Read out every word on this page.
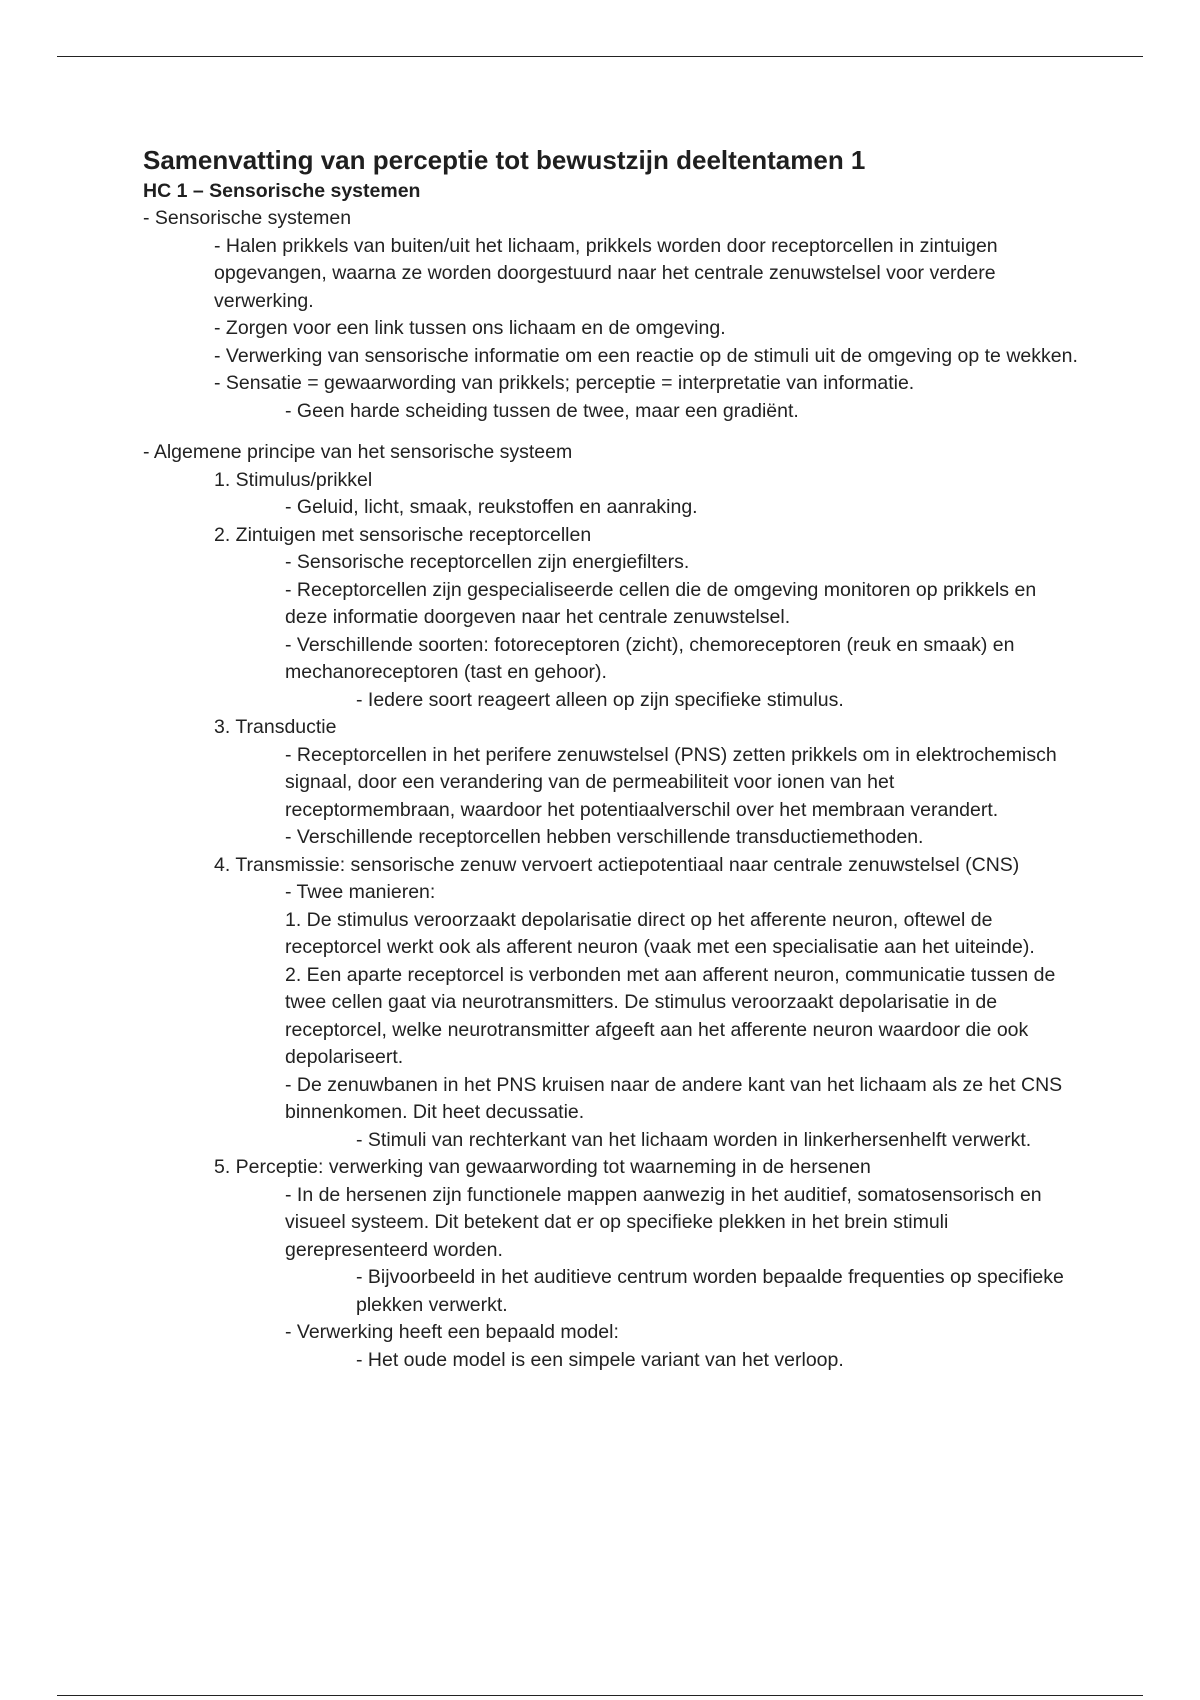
Samenvatting van perceptie tot bewustzijn deeltentamen 1
HC 1 – Sensorische systemen

- Sensorische systemen

- Halen prikkels van buiten/uit het lichaam, prikkels worden door receptorcellen in zintuigen opgevangen, waarna ze worden doorgestuurd naar het centrale zenuwstelsel voor verdere verwerking.

- Zorgen voor een link tussen ons lichaam en de omgeving.

- Verwerking van sensorische informatie om een reactie op de stimuli uit de omgeving op te wekken.

- Sensatie = gewaarwording van prikkels; perceptie = interpretatie van informatie.

- Geen harde scheiding tussen de twee, maar een gradiënt.

- Algemene principe van het sensorische systeem

1. Stimulus/prikkel

- Geluid, licht, smaak, reukstoffen en aanraking.

2. Zintuigen met sensorische receptorcellen

- Sensorische receptorcellen zijn energiefilters.

- Receptorcellen zijn gespecialiseerde cellen die de omgeving monitoren op prikkels en deze informatie doorgeven naar het centrale zenuwstelsel.

- Verschillende soorten: fotoreceptoren (zicht), chemoreceptoren (reuk en smaak) en mechanoreceptoren (tast en gehoor).

- Iedere soort reageert alleen op zijn specifieke stimulus.

3. Transductie

- Receptorcellen in het perifere zenuwstelsel (PNS) zetten prikkels om in elektrochemisch signaal, door een verandering van de permeabiliteit voor ionen van het receptormembraan, waardoor het potentiaalverschil over het membraan verandert.

- Verschillende receptorcellen hebben verschillende transductiemethoden.

4. Transmissie: sensorische zenuw vervoert actiepotentiaal naar centrale zenuwstelsel (CNS)

- Twee manieren:

1. De stimulus veroorzaakt depolarisatie direct op het afferente neuron, oftewel de receptorcel werkt ook als afferent neuron (vaak met een specialisatie aan het uiteinde).

2. Een aparte receptorcel is verbonden met aan afferent neuron, communicatie tussen de twee cellen gaat via neurotransmitters. De stimulus veroorzaakt depolarisatie in de receptorcel, welke neurotransmitter afgeeft aan het afferente neuron waardoor die ook depolariseert.

- De zenuwbanen in het PNS kruisen naar de andere kant van het lichaam als ze het CNS binnenkomen. Dit heet decussatie.

- Stimuli van rechterkant van het lichaam worden in linkerhersenhelft verwerkt.

5. Perceptie: verwerking van gewaarwording tot waarneming in de hersenen

- In de hersenen zijn functionele mappen aanwezig in het auditief, somatosensorisch en visueel systeem. Dit betekent dat er op specifieke plekken in het brein stimuli gerepresenteerd worden.

- Bijvoorbeeld in het auditieve centrum worden bepaalde frequenties op specifieke plekken verwerkt.

- Verwerking heeft een bepaald model:

- Het oude model is een simpele variant van het verloop.
